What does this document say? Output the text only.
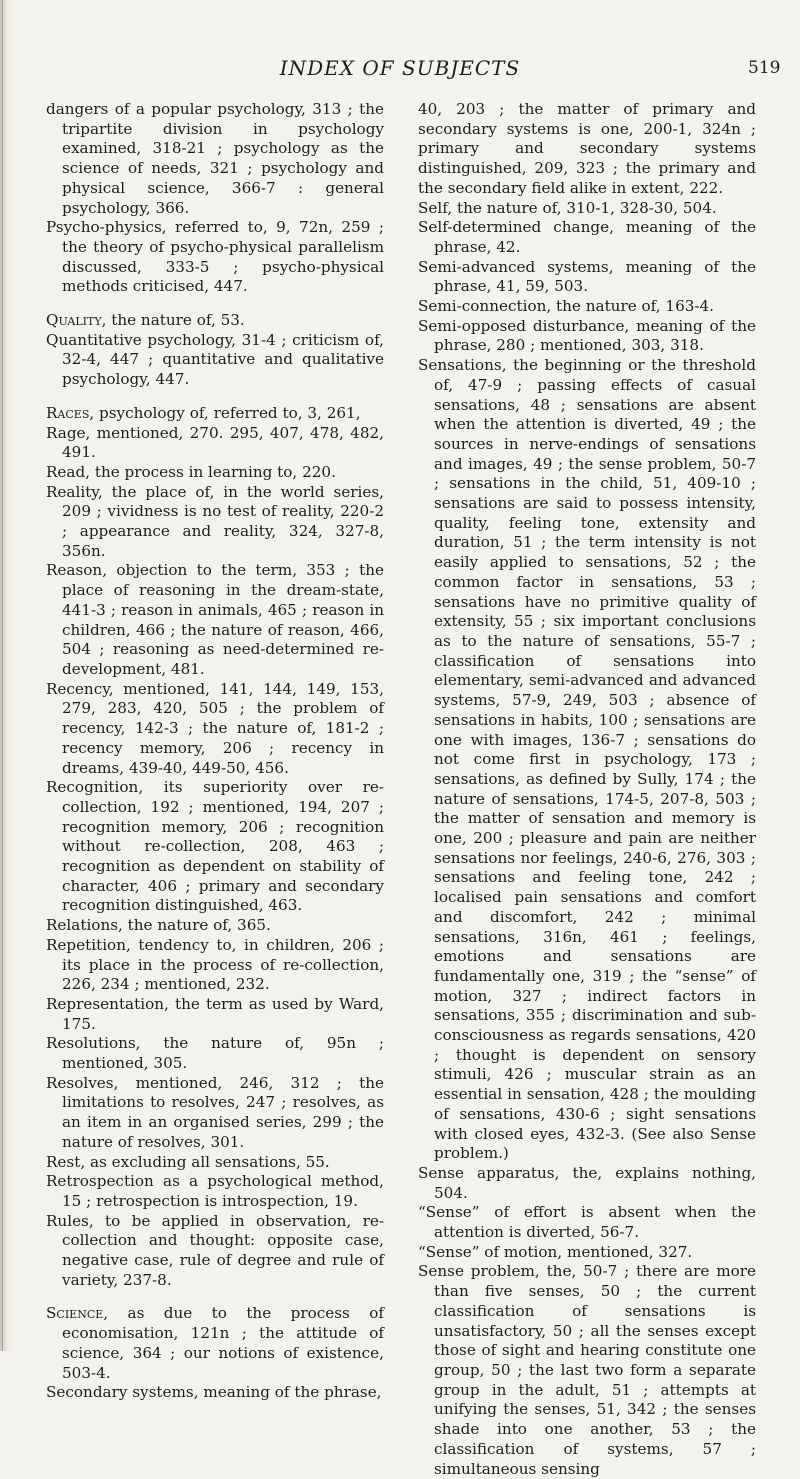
INDEX OF SUBJECTS	519

dangers of a popular psychology, 313 ; the tripartite division in psychology examined, 318-21 ; psychology as the science of needs, 321 ; psychology and physical science, 366-7 : general psychology, 366.

Psycho-physics, referred to, 9, 72n, 259 ; the theory of psycho-physical parallelism discussed, 333-5 ; psycho-physical methods criticised, 447.

Quality, the nature of, 53.

Quantitative psychology, 31-4 ; criticism of, 32-4, 447 ; quantitative and qualitative psychology, 447.

Races, psychology of, referred to, 3, 261,

Rage, mentioned, 270. 295, 407, 478, 482, 491.

Read, the process in learning to, 220.

Reality, the place of, in the world series, 209 ; vividness is no test of reality, 220-2 ; appearance and reality, 324, 327-8, 356n.

Reason, objection to the term, 353 ; the place of reasoning in the dream-state, 441-3 ; reason in animals, 465 ; reason in children, 466 ; the nature of reason, 466, 504 ; reasoning as need-determined re-development, 481.

Recency, mentioned, 141, 144, 149, 153, 279, 283, 420, 505 ; the problem of recency, 142-3 ; the nature of, 181-2 ; recency memory, 206 ; recency in dreams, 439-40, 449-50, 456.

Recognition, its superiority over re-collection, 192 ; mentioned, 194, 207 ; recognition memory, 206 ; recognition without re-collection, 208, 463 ; recognition as dependent on stability of character, 406 ; primary and secondary recognition distinguished, 463.

Relations, the nature of, 365.

Repetition, tendency to, in children, 206 ; its place in the process of re-collection, 226, 234 ; mentioned, 232.

Representation, the term as used by Ward, 175.

Resolutions, the nature of, 95n ; mentioned, 305.

Resolves, mentioned, 246, 312 ; the limitations to resolves, 247 ; resolves, as an item in an organised series, 299 ; the nature of resolves, 301.

Rest, as excluding all sensations, 55.

Retrospection as a psychological method, 15 ; retrospection is introspection, 19.

Rules, to be applied in observation, re-collection and thought: opposite case, negative case, rule of degree and rule of variety, 237-8.

Science, as due to the process of economisation, 121n ; the attitude of science, 364 ; our notions of existence, 503-4.

Secondary systems, meaning of the phrase,

40, 203 ; the matter of primary and secondary systems is one, 200-1, 324n ; primary and secondary systems distinguished, 209, 323 ; the primary and the secondary field alike in extent, 222.

Self, the nature of, 310-1, 328-30, 504.

Self-determined change, meaning of the phrase, 42.

Semi-advanced systems, meaning of the phrase, 41, 59, 503.

Semi-connection, the nature of, 163-4.

Semi-opposed disturbance, meaning of the phrase, 280 ; mentioned, 303, 318.

Sensations, the beginning or the threshold of, 47-9 ; passing effects of casual sensations, 48 ; sensations are absent when the attention is diverted, 49 ; the sources in nerve-endings of sensations and images, 49 ; the sense problem, 50-7 ; sensations in the child, 51, 409-10 ; sensations are said to possess intensity, quality, feeling tone, extensity and duration, 51 ; the term intensity is not easily applied to sensations, 52 ; the common factor in sensations, 53 ; sensations have no primitive quality of extensity, 55 ; six important conclusions as to the nature of sensations, 55-7 ; classification of sensations into elementary, semi-advanced and advanced systems, 57-9, 249, 503 ; absence of sensations in habits, 100 ; sensations are one with images, 136-7 ; sensations do not come first in psychology, 173 ; sensations, as defined by Sully, 174 ; the nature of sensations, 174-5, 207-8, 503 ; the matter of sensation and memory is one, 200 ; pleasure and pain are neither sensations nor feelings, 240-6, 276, 303 ; sensations and feeling tone, 242 ; localised pain sensations and comfort and discomfort, 242 ; minimal sensations, 316n, 461 ; feelings, emotions and sensations are fundamentally one, 319 ; the “sense” of motion, 327 ; indirect factors in sensations, 355 ; discrimination and sub-consciousness as regards sensations, 420 ; thought is dependent on sensory stimuli, 426 ; muscular strain as an essential in sensation, 428 ; the moulding of sensations, 430-6 ; sight sensations with closed eyes, 432-3. (See also Sense problem.)

Sense apparatus, the, explains nothing, 504.

“Sense” of effort is absent when the attention is diverted, 56-7.

“Sense” of motion, mentioned, 327.

Sense problem, the, 50-7 ; there are more than five senses, 50 ; the current classification of sensations is unsatisfactory, 50 ; all the senses except those of sight and hearing constitute one group, 50 ; the last two form a separate group in the adult, 51 ; attempts at unifying the senses, 51, 342 ; the senses shade into one another, 53 ; the classification of systems, 57 ; simultaneous sensing
